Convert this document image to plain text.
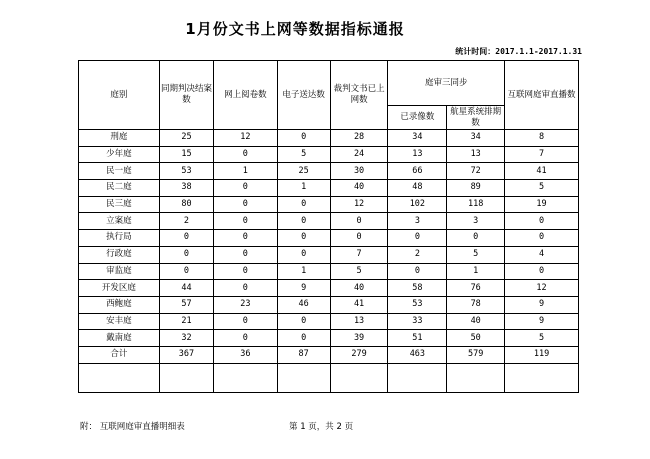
1月份文书上网等数据指标通报
统计时间：2017.1.1-2017.1.31
庭别	同期判决结案数	网上阅卷数	电子送达数	裁判文书已上网数	庭审三同步		互联网庭审直播数
					已录像数	航星系统排期数	
刑庭	25	12	0	28	34	34	8
少年庭	15	0	5	24	13	13	7
民一庭	53	1	25	30	66	72	41
民二庭	38	0	1	40	48	89	5
民三庭	80	0	0	12	102	118	19
立案庭	2	0	0	0	3	3	0
执行局	0	0	0	0	0	0	0
行政庭	0	0	0	7	2	5	4
审监庭	0	0	1	5	0	1	0
开发区庭	44	0	9	40	58	76	12
西鲍庭	57	23	46	41	53	78	9
安丰庭	21	0	0	13	33	40	9
戴南庭	32	0	0	39	51	50	5
合计	367	36	87	279	463	579	119

附： 互联网庭审直播明细表	第 1 页，共 2 页
